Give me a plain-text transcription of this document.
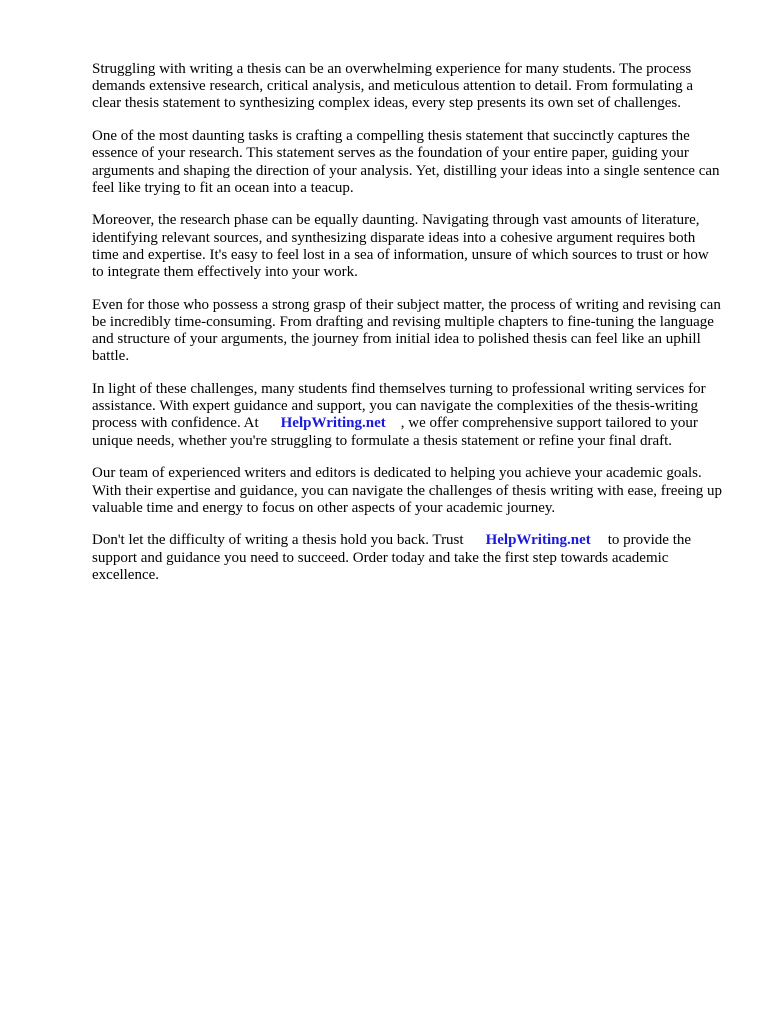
Struggling with writing a thesis can be an overwhelming experience for many students. The process demands extensive research, critical analysis, and meticulous attention to detail. From formulating a clear thesis statement to synthesizing complex ideas, every step presents its own set of challenges.

One of the most daunting tasks is crafting a compelling thesis statement that succinctly captures the essence of your research. This statement serves as the foundation of your entire paper, guiding your arguments and shaping the direction of your analysis. Yet, distilling your ideas into a single sentence can feel like trying to fit an ocean into a teacup.

Moreover, the research phase can be equally daunting. Navigating through vast amounts of literature, identifying relevant sources, and synthesizing disparate ideas into a cohesive argument requires both time and expertise. It's easy to feel lost in a sea of information, unsure of which sources to trust or how to integrate them effectively into your work.

Even for those who possess a strong grasp of their subject matter, the process of writing and revising can be incredibly time-consuming. From drafting and revising multiple chapters to fine-tuning the language and structure of your arguments, the journey from initial idea to polished thesis can feel like an uphill battle.

In light of these challenges, many students find themselves turning to professional writing services for assistance. With expert guidance and support, you can navigate the complexities of the thesis-writing process with confidence. At HelpWriting.net , we offer comprehensive support tailored to your unique needs, whether you're struggling to formulate a thesis statement or refine your final draft.

Our team of experienced writers and editors is dedicated to helping you achieve your academic goals. With their expertise and guidance, you can navigate the challenges of thesis writing with ease, freeing up valuable time and energy to focus on other aspects of your academic journey.

Don't let the difficulty of writing a thesis hold you back. Trust HelpWriting.net to provide the support and guidance you need to succeed. Order today and take the first step towards academic excellence.
